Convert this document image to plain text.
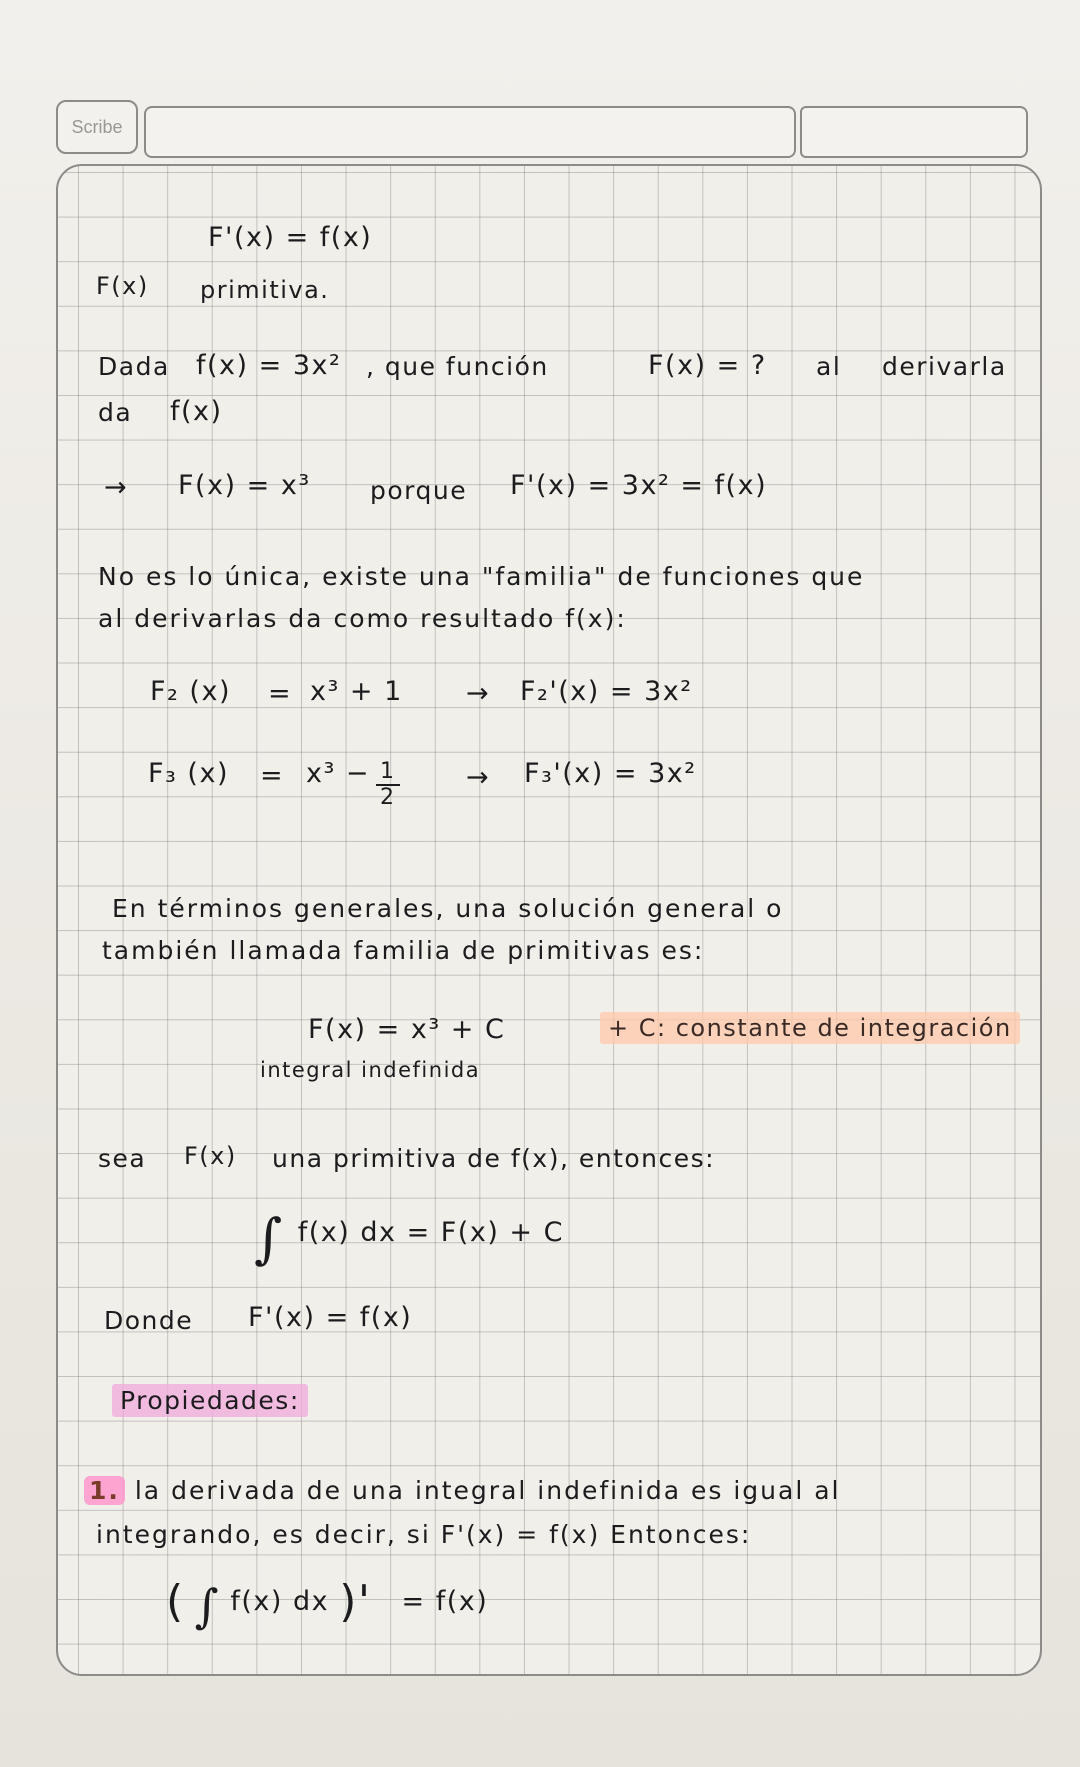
Scribe
F'(x) = f(x)
F(x) primitiva.
Dada f(x) = 3x² , que función	F(x) = ? al derivarla
da f(x)
→ F(x) = x³ porque F'(x) = 3x² = f(x)
No es lo única, existe una "familia" de funciones que
al derivarlas da como resultado f(x):
F₂ (x) = x³ + 1 → F₂'(x) = 3x²
F₃ $(x) = x^3 - \frac{1}{2} \to F_3'(x) = 3x^2$
En términos generales, una solución general o
también llamada familia de primitivas es:
F(x) = x³ + C	+ C: constante de integración
integral indefinida
sea F(x) una primitiva de f(x), entonces:
∫ f(x) dx = F(x) + C
Donde F'(x) = f(x)
Propiedades:
1. la derivada de una integral indefinida es igual al
integrando, es decir, si F'(x) = f(x) Entonces:
( ∫ f(x) dx )' = f(x)
